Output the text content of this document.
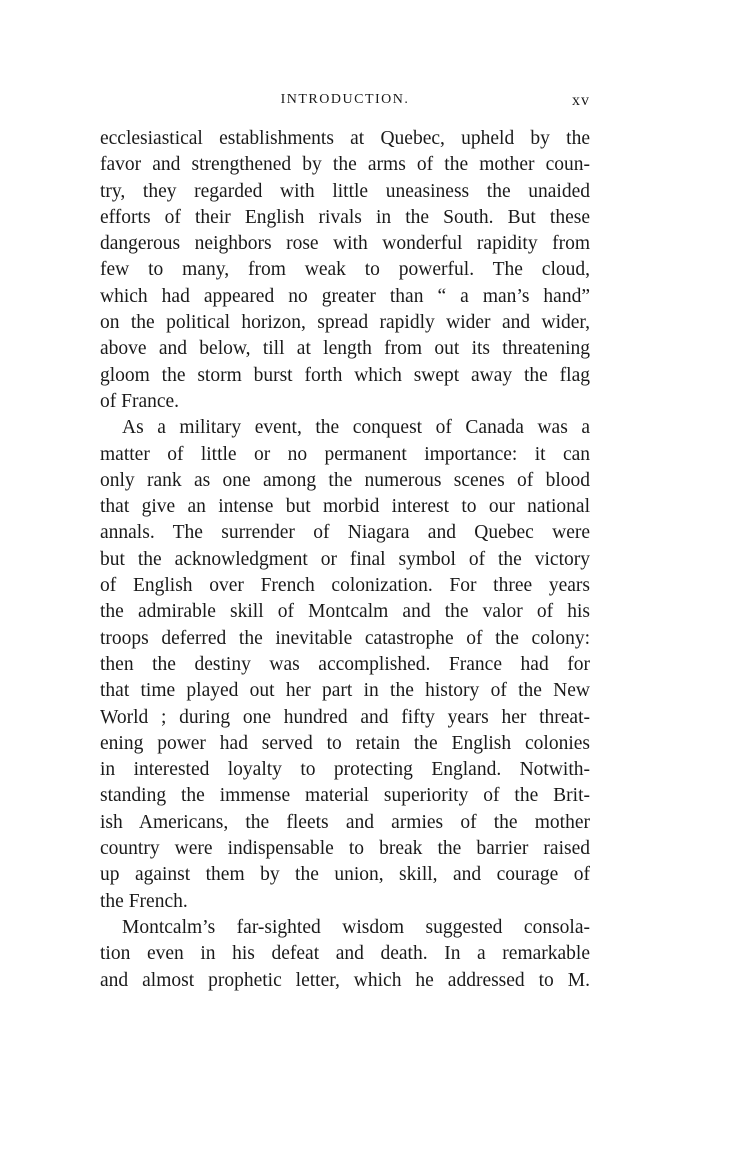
INTRODUCTION.	xv
ecclesiastical establishments at Quebec, upheld by the
favor and strengthened by the arms of the mother coun-
try, they regarded with little uneasiness the unaided
efforts of their English rivals in the South. But these
dangerous neighbors rose with wonderful rapidity from
few to many, from weak to powerful. The cloud,
which had appeared no greater than “ a man’s hand”
on the political horizon, spread rapidly wider and wider,
above and below, till at length from out its threatening
gloom the storm burst forth which swept away the flag
of France.
As a military event, the conquest of Canada was a
matter of little or no permanent importance: it can
only rank as one among the numerous scenes of blood
that give an intense but morbid interest to our national
annals. The surrender of Niagara and Quebec were
but the acknowledgment or final symbol of the victory
of English over French colonization. For three years
the admirable skill of Montcalm and the valor of his
troops deferred the inevitable catastrophe of the colony:
then the destiny was accomplished. France had for
that time played out her part in the history of the New
World ; during one hundred and fifty years her threat-
ening power had served to retain the English colonies
in interested loyalty to protecting England. Notwith-
standing the immense material superiority of the Brit-
ish Americans, the fleets and armies of the mother
country were indispensable to break the barrier raised
up against them by the union, skill, and courage of
the French.
Montcalm’s far-sighted wisdom suggested consola-
tion even in his defeat and death. In a remarkable
and almost prophetic letter, which he addressed to M.
